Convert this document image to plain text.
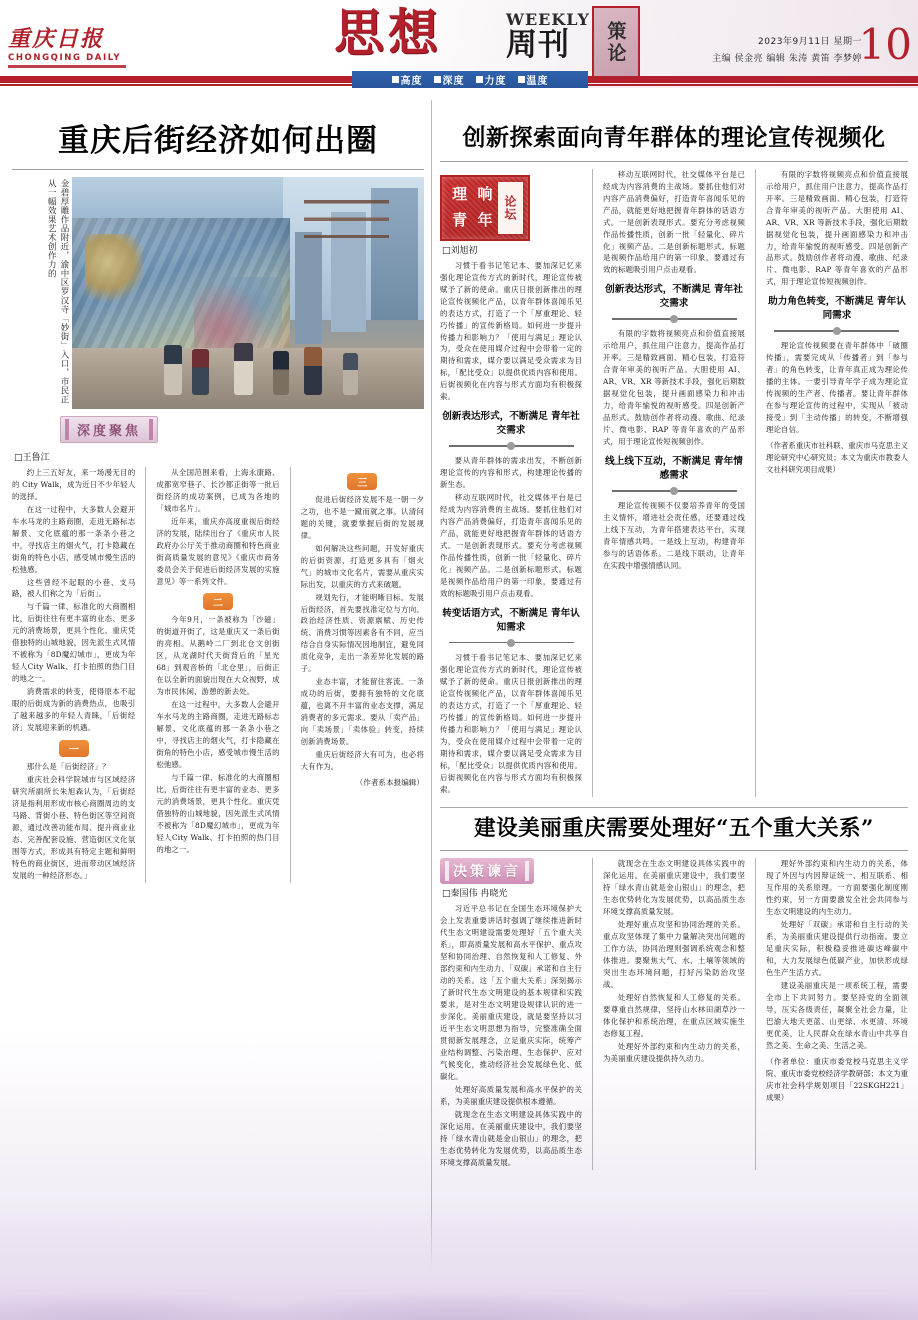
重庆日报
CHONGQING DAILY	思想	WEEKLY
周刊 策论	2023年9月11日 星期一
主编 侯金亮 编辑 朱涛 黄笛 李梦婷
10
高度 深度 力度 温度
重庆后街经济如何出圈
金碧厚雕作品附近，渝中区罗汉寺「妙街」入口，市民正从一幅效果艺术创作力的
深度聚焦
□王鲁江

约上三五好友，来一场漫无目的的 City Walk，成为近日不少年轻人的选择。

在这一过程中，大多数人会避开车水马龙的主路商圈，走进无路标志解景、文化底蕴的那一条条小巷之中，寻找店主的烟火气，打卡隐藏在街角的特色小店，感受城市慢生活的松弛感。

这些曾经不起眼的小巷、支马路，被人们称之为「后街」。

与千篇一律、标准化的大商圈相比，后街往往有更丰富的业态、更多元的消费场景，更具个性化。重庆凭借独特的山城地貌，因先派生式风情不被称为「8D魔幻城市」，更成为年轻人City Walk、打卡拍照的热门目的地之一。

消费需求的转变，使得原本不起眼的后街成为新的消费热点，也吸引了越来越多的年轻人青睐，「后街经济」发展迎来新的机遇。

一

那什么是「后街经济」？

重庆社会科学院城市与区域经济研究所副所长朱旭森认为，「后街经济是指利用形成市核心商圈周边的支马路、背街小巷、特色街区等空间资源，通过改善功能布局、提升商业业态、完善配套设施、营造街区文化氛围等方式，形成具有特定主题和鲜明特色的商业街区，进而带动区域经济发展的一种经济形态。」

从全国范围来看，上海永康路、成都宽窄巷子、长沙都正街等一批后街经济的成功案例，已成为各地的「城市名片」。

近年来，重庆亦高度重视后街经济的发展，陆续出台了《重庆市人民政府办公厅关于推动商圈和特色商业街高质量发展的意见》《重庆市商务委员会关于促进后街经济发展的实施意见》等一系列文件。

二

今年9月，一条被称为「沙磁」的街道开街了，这是重庆又一条后街的亮相。从鹅岭二厂到北仓文创街区，从龙湖时代天街背后的「星光68」到观音桥的「北仓里」，后街正在以全新的面貌出现在大众视野，成为市民休闲、游憩的新去处。

在这一过程中，大多数人会避开车水马龙的主路商圈，走进无路标志解景、文化底蕴的那一条条小巷之中，寻找店主的烟火气，打卡隐藏在街角的特色小店，感受城市慢生活的松弛感。

与千篇一律、标准化的大商圈相比，后街往往有更丰富的业态、更多元的消费场景，更具个性化。重庆凭借独特的山城地貌，因先派生式风情不被称为「8D魔幻城市」，更成为年轻人City Walk、打卡拍照的热门目的地之一。

三

促进后街经济发展不是一朝一夕之功，也不是一蹴而就之事。认清问题的关键，就要掌握后街的发展规律。

如何解决这些问题，开发好重庆的后街资源，打造更多具有「烟火气」的城市文化名片，需要从重庆实际出发，以重庆的方式来破题。

规划先行，才能明晰目标。发展后街经济，首先要找准定位与方向。政治经济性质、资源禀赋、历史传统、消费习惯等因素各有不同，应当结合自身实际情况因地制宜，避免同质化竞争，走出一条差异化发展的路子。

业态丰富，才能留住客流。一条成功的后街，要拥有独特的文化底蕴，也离不开丰富的业态支撑，满足消费者的多元需求。要从「卖产品」向「卖场景」「卖体验」转变，持续创新消费场景。

重庆后街经济大有可为，也必将大有作为。

（作者系本报编辑）
创新探索面向青年群体的理论宣传视频化
理 响
论坛
青 年
□刘旭初

习惯于看书记笔记本、要加深记忆来强化理论宣传方式的新时代，理论宣传被赋予了新的使命。重庆日报创新推出的理论宣传视频化产品，以青年群体喜闻乐见的表达方式，打造了一个「厚重理论、轻巧传播」的宣传新格局。如何进一步提升传播力和影响力？「使用与满足」理论认为，受众在使用媒介过程中会带着一定的期待和需求，媒介要以满足受众需求为目标，「配比受众」以提供优质内容和使用。后街视频化在内容与形式方面均有积极探索。

创新表达形式，不断满足 青年社交需求

要从青年群体的需求出发，不断创新理论宣传的内容和形式，构建理论传播的新生态。

移动互联网时代，社交媒体平台是已经成为内容消费的主战场。要抓住他们对内容产品消费偏好，打造青年喜闻乐见的产品，就能更好地把握青年群体的话语方式。一是创新表现形式。要充分考虑视频作品传播性质，创新一批「轻量化、碎片化」视频产品。二是创新标题形式。标题是视频作品给用户的第一印象，要通过有效的标题吸引用户点击观看。

转变话语方式，不断满足 青年认知需求

习惯于看书记笔记本、要加深记忆来强化理论宣传方式的新时代，理论宣传被赋予了新的使命。重庆日报创新推出的理论宣传视频化产品，以青年群体喜闻乐见的表达方式，打造了一个「厚重理论、轻巧传播」的宣传新格局。如何进一步提升传播力和影响力？「使用与满足」理论认为，受众在使用媒介过程中会带着一定的期待和需求，媒介要以满足受众需求为目标，「配比受众」以提供优质内容和使用。后街视频化在内容与形式方面均有积极探索。

移动互联网时代，社交媒体平台是已经成为内容消费的主战场。要抓住他们对内容产品消费偏好，打造青年喜闻乐见的产品，就能更好地把握青年群体的话语方式。一是创新表现形式。要充分考虑视频作品传播性质，创新一批「轻量化、碎片化」视频产品。二是创新标题形式。标题是视频作品给用户的第一印象，要通过有效的标题吸引用户点击观看。

创新表达形式，不断满足 青年社交需求

有限的字数将视频亮点和价值直接展示给用户，抓住用户注意力，提高作品打开率。三是精致画面、精心包装，打造符合青年审美的视听产品。大胆使用 AI、AR、VR、XR 等新技术手段，强化后期数据视觉化包装，提升画面感染力和冲击力，给青年愉悦的视听感受。四是创新产品形式。鼓励创作者将动漫、歌曲、纪录片、微电影、RAP 等青年喜欢的产品形式，用于理论宣传短视频创作。

线上线下互动，不断满足 青年情感需求

理论宣传视频不仅要培养青年的受国主义情怀，增进社会责任感，还要通过线上线下互动，为青年搭建表达平台，实现青年情感共鸣。一是线上互动，构建青年参与的话语体系。二是线下联动，让青年在实践中增强情感认同。

有限的字数将视频亮点和价值直接展示给用户，抓住用户注意力，提高作品打开率。三是精致画面、精心包装，打造符合青年审美的视听产品。大胆使用 AI、AR、VR、XR 等新技术手段，强化后期数据视觉化包装，提升画面感染力和冲击力，给青年愉悦的视听感受。四是创新产品形式。鼓励创作者将动漫、歌曲、纪录片、微电影、RAP 等青年喜欢的产品形式，用于理论宣传短视频创作。

助力角色转变，不断满足 青年认同需求

理论宣传视频要在青年群体中「破圈传播」，需要完成从「传播者」到「参与者」的角色转变，让青年真正成为理论传播的主体。一要引导青年学子成为理论宣传视频的生产者、传播者。要让青年群体在参与理论宣传的过程中，实现从「被动接受」到「主动传播」的转变，不断增强理论自信。

（作者系重庆市社科联、重庆市马克思主义理论研究中心研究员；本文为重庆市教委人文社科研究项目成果）
建设美丽重庆需要处理好“五个重大关系”
决策谏言
□秦国伟 冉晓光

习近平总书记在全国生态环境保护大会上发表重要讲话时强调了继续推进新时代生态文明建设需要处理好「五个重大关系」，即高质量发展和高水平保护、重点攻坚和协同治理、自然恢复和人工修复、外部约束和内生动力、「双碳」承诺和自主行动的关系。这「五个重大关系」深刻揭示了新时代生态文明建设的基本规律和实践要求，是对生态文明建设规律认识的进一步深化。美丽重庆建设，就是要坚持以习近平生态文明思想为指导，完整准确全面贯彻新发展理念，立足重庆实际，统筹产业结构调整、污染治理、生态保护、应对气候变化，推动经济社会发展绿色化、低碳化。

处理好高质量发展和高水平保护的关系，为美丽重庆建设提供根本遵循。

就现念在生态文明建设具体实践中的深化运用。在美丽重庆建设中，我们要坚持「绿水青山就是金山银山」的理念，把生态优势转化为发展优势，以高品质生态环境支撑高质量发展。

就现念在生态文明建设具体实践中的深化运用。在美丽重庆建设中，我们要坚持「绿水青山就是金山银山」的理念，把生态优势转化为发展优势，以高品质生态环境支撑高质量发展。

处理好重点攻坚和协同治理的关系。重点攻坚体现了集中力量解决突出问题的工作方法，协同治理则强调系统观念和整体推进。要聚焦大气、水、土壤等领域的突出生态环境问题，打好污染防治攻坚战。

处理好自然恢复和人工修复的关系。要尊重自然规律，坚持山水林田湖草沙一体化保护和系统治理，在重点区域实施生态修复工程。

处理好外部约束和内生动力的关系，为美丽重庆建设提供持久动力。

理好外部约束和内生动力的关系，体现了外因与内因辩证统一、相互联系、相互作用的关系原理。一方面要强化制度刚性约束，另一方面要激发全社会共同参与生态文明建设的内生动力。

处理好「双碳」承诺和自主行动的关系，为美丽重庆建设提供行动指南。要立足重庆实际，积极稳妥推进碳达峰碳中和，大力发展绿色低碳产业，加快形成绿色生产生活方式。

建设美丽重庆是一项系统工程，需要全市上下共同努力。要坚持党的全面领导，压实各级责任，凝聚全社会力量，让巴渝大地天更蓝、山更绿、水更清、环境更优美，让人民群众在绿水青山中共享自然之美、生命之美、生活之美。

（作者单位：重庆市委党校马克思主义学院、重庆市委党校经济学教研部；本文为重庆市社会科学规划项目「22SKGH221」成果）
